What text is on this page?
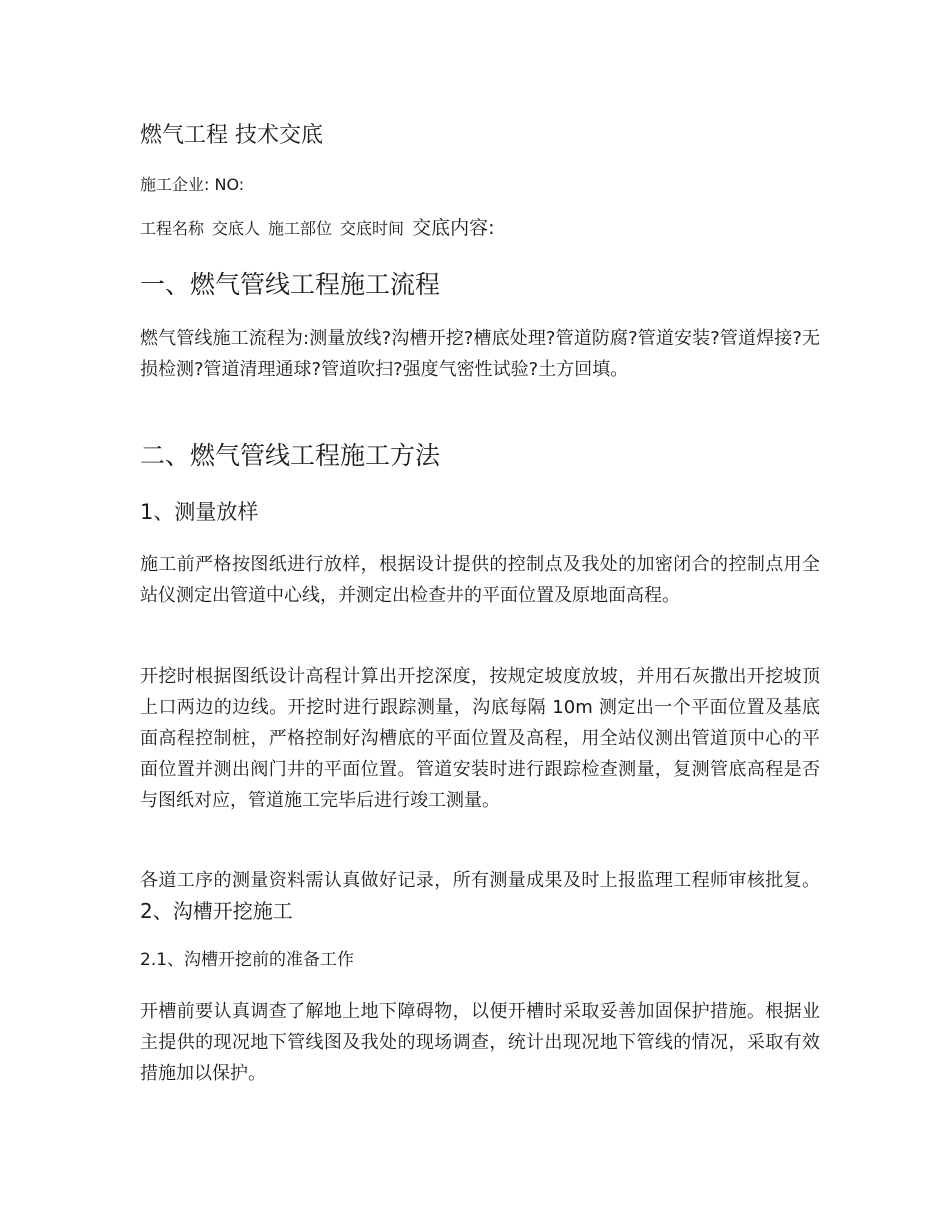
燃气工程 技术交底
施工企业: NO:
工程名称 交底人 施工部位 交底时间 交底内容:
一、燃气管线工程施工流程
燃气管线施工流程为:测量放线?沟槽开挖?槽底处理?管道防腐?管道安装?管道焊接?无损检测?管道清理通球?管道吹扫?强度气密性试验?土方回填。
二、燃气管线工程施工方法
1、测量放样
施工前严格按图纸进行放样，根据设计提供的控制点及我处的加密闭合的控制点用全站仪测定出管道中心线，并测定出检查井的平面位置及原地面高程。
开挖时根据图纸设计高程计算出开挖深度，按规定坡度放坡，并用石灰撒出开挖坡顶上口两边的边线。开挖时进行跟踪测量，沟底每隔 10m 测定出一个平面位置及基底面高程控制桩，严格控制好沟槽底的平面位置及高程，用全站仪测出管道顶中心的平面位置并测出阀门井的平面位置。管道安装时进行跟踪检查测量，复测管底高程是否与图纸对应，管道施工完毕后进行竣工测量。
各道工序的测量资料需认真做好记录，所有测量成果及时上报监理工程师审核批复。 2、沟槽开挖施工
2.1、沟槽开挖前的准备工作
开槽前要认真调查了解地上地下障碍物，以便开槽时采取妥善加固保护措施。根据业主提供的现况地下管线图及我处的现场调查，统计出现况地下管线的情况，采取有效措施加以保护。
